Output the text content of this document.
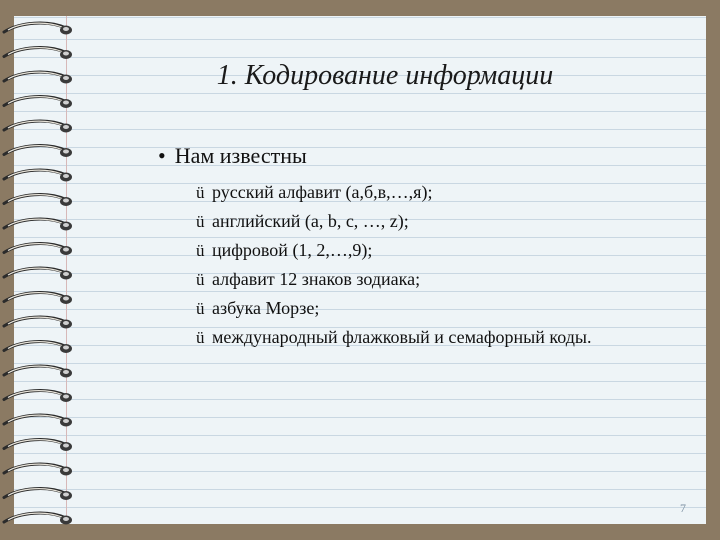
1. Кодирование информации
• Нам известны
ü русский алфавит (а,б,в,…,я);
ü английский (a, b, c, …, z);
ü цифровой (1, 2,…,9);
ü алфавит 12 знаков зодиака;
ü азбука Морзе;
ü международный флажковый и семафорный коды.
7
